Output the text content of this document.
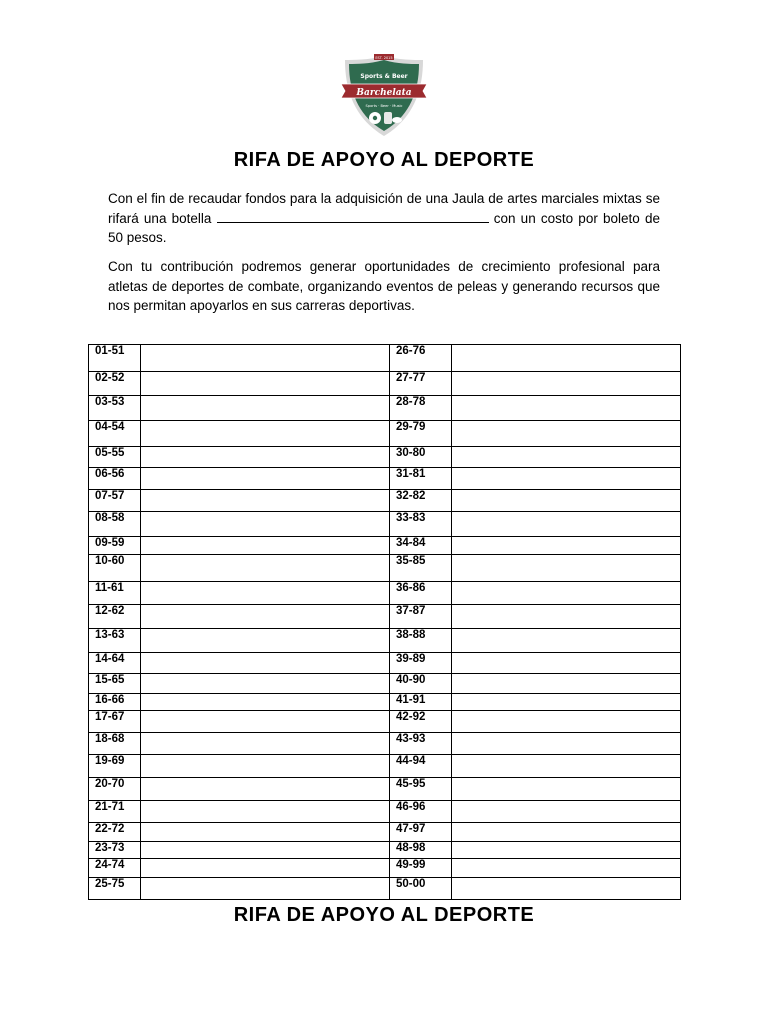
EST. 2015
Sports & Beer
Barchelata
Sports · Beer · Music
RIFA DE APOYO AL DEPORTE

Con el fin de recaudar fondos para la adquisición de una Jaula de artes marciales mixtas se rifará una botella	con un costo por boleto de 50 pesos.

Con tu contribución podremos generar oportunidades de crecimiento profesional para atletas de deportes de combate, organizando eventos de peleas y generando recursos que nos permitan apoyarlos en sus carreras deportivas.

01-51		26-76	
02-52		27-77	
03-53		28-78	
04-54		29-79	
05-55		30-80	
06-56		31-81	
07-57		32-82	
08-58		33-83	
09-59		34-84	
10-60		35-85	
11-61		36-86	
12-62		37-87	
13-63		38-88	
14-64		39-89	
15-65		40-90	
16-66		41-91	
17-67		42-92	
18-68		43-93	
19-69		44-94	
20-70		45-95	
21-71		46-96	
22-72		47-97	
23-73		48-98	
24-74		49-99	
25-75		50-00	
RIFA DE APOYO AL DEPORTE
